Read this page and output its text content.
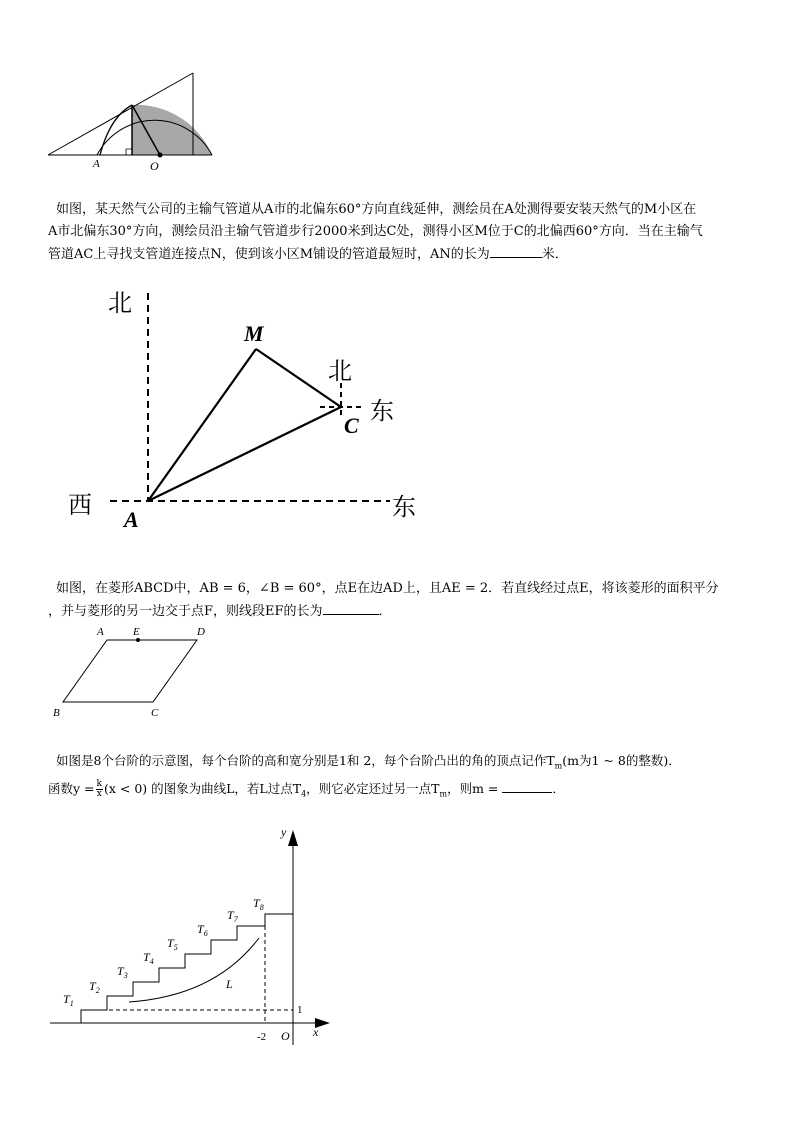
A	O
如图，某天然气公司的主输气管道从A市的北偏东60°方向直线延伸，测绘员在A处测得要安装天然气的M小区在
A市北偏东30°方向，测绘员沿主输气管道步行2000米到达C处，测得小区M位于C的北偏西60°方向．当在主输气
管道AC上寻找支管道连接点N，使到该小区M铺设的管道最短时，AN的长为	米．
北
北
东
西	东
M
C
A
如图，在菱形ABCD中，AB = 6，∠B = 60°，点E在边AD上，且AE = 2．若直线经过点E，将该菱形的面积平分
，并与菱形的另一边交于点F，则线段EF的长为	．
A	E	D
B	C
如图是8个台阶的示意图，每个台阶的高和宽分别是1和 2，每个台阶凸出的角的顶点记作$T_m(m$为1 ~ 8的整数)．
函数$y = \frac{k}{x} (x < 0)$ 的图象为曲线L，若L过点$T_4$，则它必定还过另一点$T_m$，则m =	．
y
x
O
-2
1
L
$T_1$
$T_2$
$T_3$
$T_4$
$T_5$
$T_6$
$T_7$
$T_8$
